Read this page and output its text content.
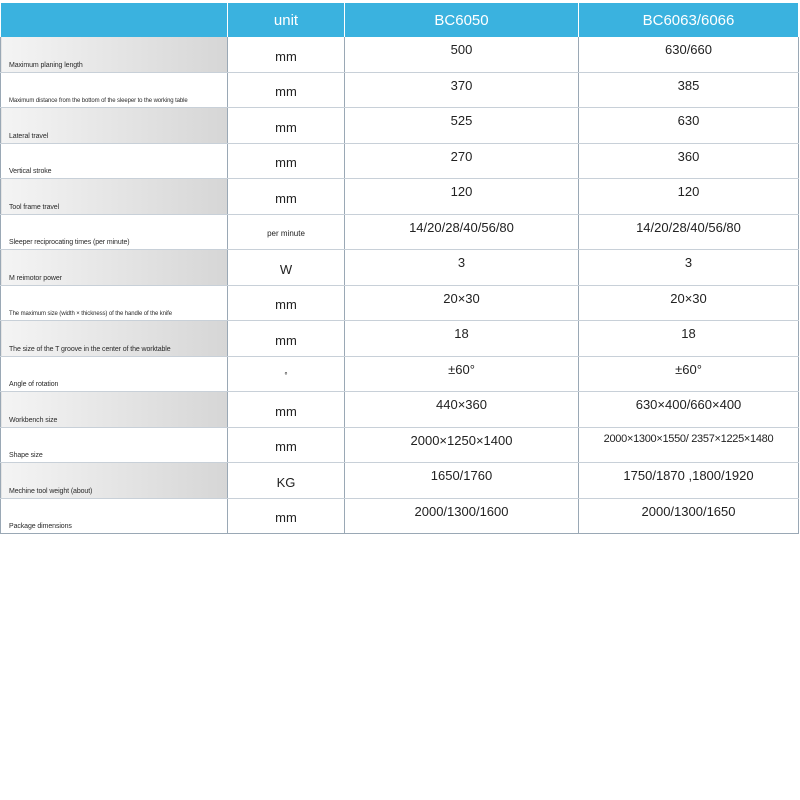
	unit	BC6050	BC6063/6066
Maximum planing length	mm	500	630/660
Maximum distance from the bottom of the sleeper to the working table	mm	370	385
Lateral travel	mm	525	630
Vertical stroke	mm	270	360
Tool frame travel	mm	120	120
Sleeper reciprocating times (per minute)	per minute	14/20/28/40/56/80	14/20/28/40/56/80
M reimotor power	W	3	3
The maximum size (width × thickness) of the handle of the knife	mm	20×30	20×30
The size of the T groove in the center of the worktable	mm	18	18
Angle of rotation	°	±60°	±60°
Workbench size	mm	440×360	630×400/660×400
Shape size	mm	2000×1250×1400	2000×1300×1550/ 2357×1225×1480
Mechine tool weight (about)	KG	1650/1760	1750/1870 ,1800/1920
Package dimensions	mm	2000/1300/1600	2000/1300/1650
